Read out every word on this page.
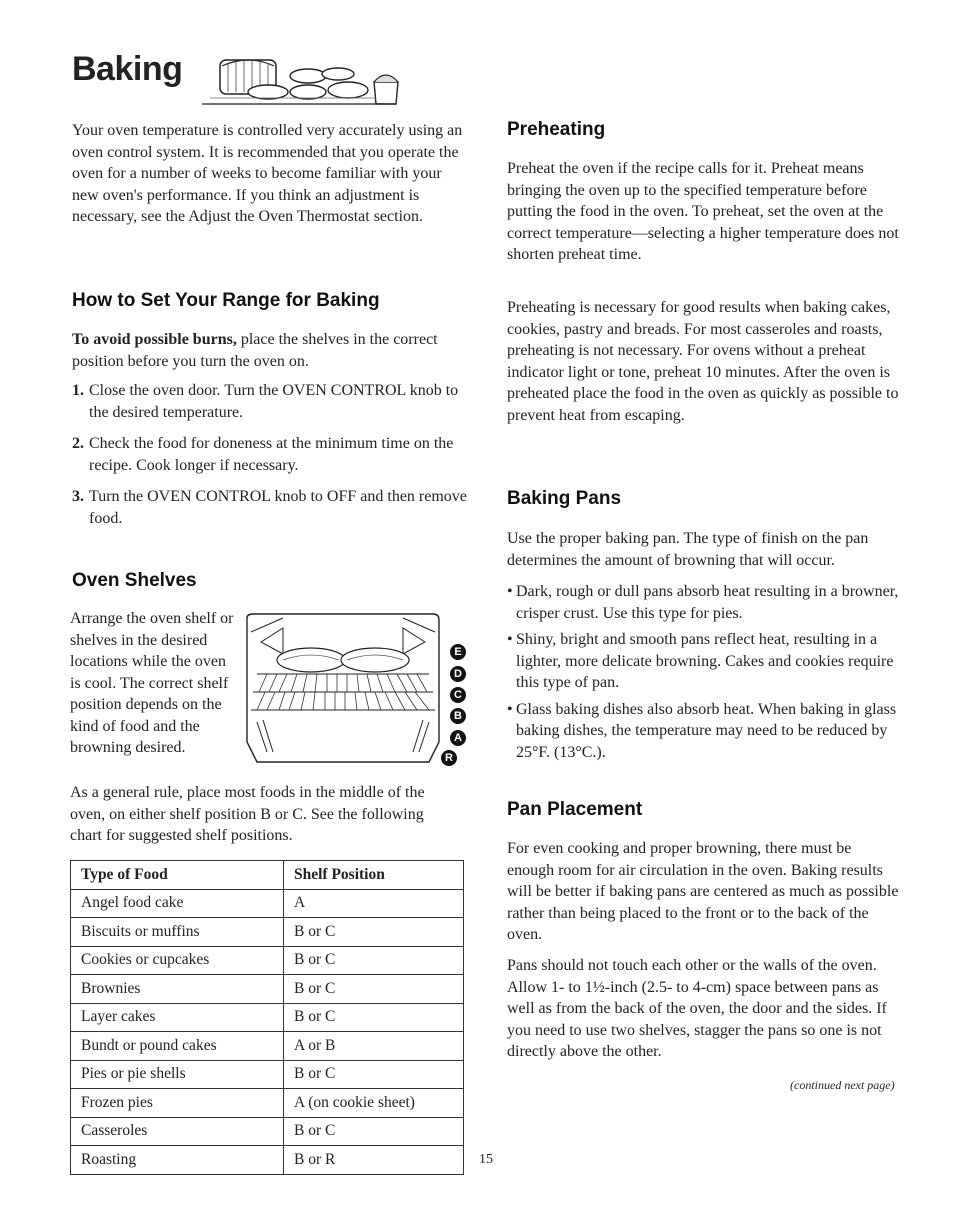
Baking
Your oven temperature is controlled very accurately using an oven control system. It is recommended that you operate the oven for a number of weeks to become familiar with your new oven's performance. If you think an adjustment is necessary, see the Adjust the Oven Thermostat section.
How to Set Your Range for Baking
To avoid possible burns, place the shelves in the correct position before you turn the oven on.
1. Close the oven door. Turn the OVEN CONTROL knob to the desired temperature.
2. Check the food for doneness at the minimum time on the recipe. Cook longer if necessary.
3. Turn the OVEN CONTROL knob to OFF and then remove food.
Oven Shelves
Arrange the oven shelf or shelves in the desired locations while the oven is cool. The correct shelf position depends on the kind of food and the browning desired.
E
D
C
B
A
R
As a general rule, place most foods in the middle of the oven, on either shelf position B or C. See the following chart for suggested shelf positions.
Type of Food	Shelf Position
Angel food cake	A
Biscuits or muffins	B or C
Cookies or cupcakes	B or C
Brownies	B or C
Layer cakes	B or C
Bundt or pound cakes	A or B
Pies or pie shells	B or C
Frozen pies	A (on cookie sheet)
Casseroles	B or C
Roasting	B or R	15
Preheating
Preheat the oven if the recipe calls for it. Preheat means bringing the oven up to the specified temperature before putting the food in the oven. To preheat, set the oven at the correct temperature—selecting a higher temperature does not shorten preheat time.
Preheating is necessary for good results when baking cakes, cookies, pastry and breads. For most casseroles and roasts, preheating is not necessary. For ovens without a preheat indicator light or tone, preheat 10 minutes. After the oven is preheated place the food in the oven as quickly as possible to prevent heat from escaping.
Baking Pans
Use the proper baking pan. The type of finish on the pan determines the amount of browning that will occur.
• Dark, rough or dull pans absorb heat resulting in a browner, crisper crust. Use this type for pies.
• Shiny, bright and smooth pans reflect heat, resulting in a lighter, more delicate browning. Cakes and cookies require this type of pan.
• Glass baking dishes also absorb heat. When baking in glass baking dishes, the temperature may need to be reduced by 25°F. (13°C.).
Pan Placement
For even cooking and proper browning, there must be enough room for air circulation in the oven. Baking results will be better if baking pans are centered as much as possible rather than being placed to the front or to the back of the oven.
Pans should not touch each other or the walls of the oven. Allow 1- to 1½-inch (2.5- to 4-cm) space between pans as well as from the back of the oven, the door and the sides. If you need to use two shelves, stagger the pans so one is not directly above the other.
(continued next page)
